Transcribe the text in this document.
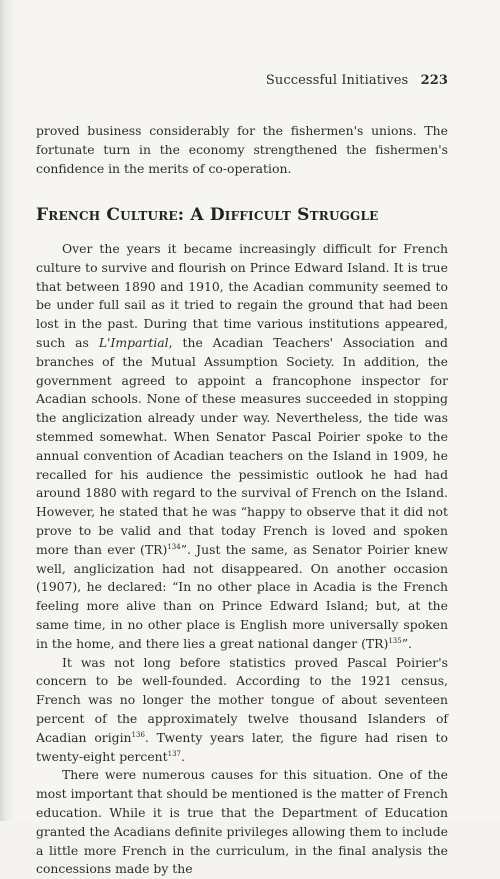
Successful Initiatives 223
proved business considerably for the fishermen's unions. The fortunate turn in the economy strengthened the fishermen's confidence in the merits of co-operation.
French Culture: A Difficult Struggle

Over the years it became increasingly difficult for French culture to survive and flourish on Prince Edward Island. It is true that between 1890 and 1910, the Acadian community seemed to be under full sail as it tried to regain the ground that had been lost in the past. During that time various institutions appeared, such as L'Impartial, the Acadian Teachers' Association and branches of the Mutual Assumption Society. In addition, the government agreed to appoint a francophone inspector for Acadian schools. None of these measures succeeded in stopping the anglicization already under way. Nevertheless, the tide was stemmed somewhat. When Senator Pascal Poirier spoke to the annual convention of Acadian teachers on the Island in 1909, he recalled for his audience the pessimistic outlook he had had around 1880 with regard to the survival of French on the Island. However, he stated that he was “happy to observe that it did not prove to be valid and that today French is loved and spoken more than ever (TR)$^{134}$”. Just the same, as Senator Poirier knew well, anglicization had not disappeared. On another occasion (1907), he declared: “In no other place in Acadia is the French feeling more alive than on Prince Edward Island; but, at the same time, in no other place is English more universally spoken in the home, and there lies a great national danger (TR)$^{135}$”.

It was not long before statistics proved Pascal Poirier's concern to be well-founded. According to the 1921 census, French was no longer the mother tongue of about seventeen percent of the approximately twelve thousand Islanders of Acadian origin$^{136}$. Twenty years later, the figure had risen to twenty-eight percent$^{137}$.

There were numerous causes for this situation. One of the most important that should be mentioned is the matter of French education. While it is true that the Department of Education granted the Acadians definite privileges allowing them to include a little more French in the curriculum, in the final analysis the concessions made by the
